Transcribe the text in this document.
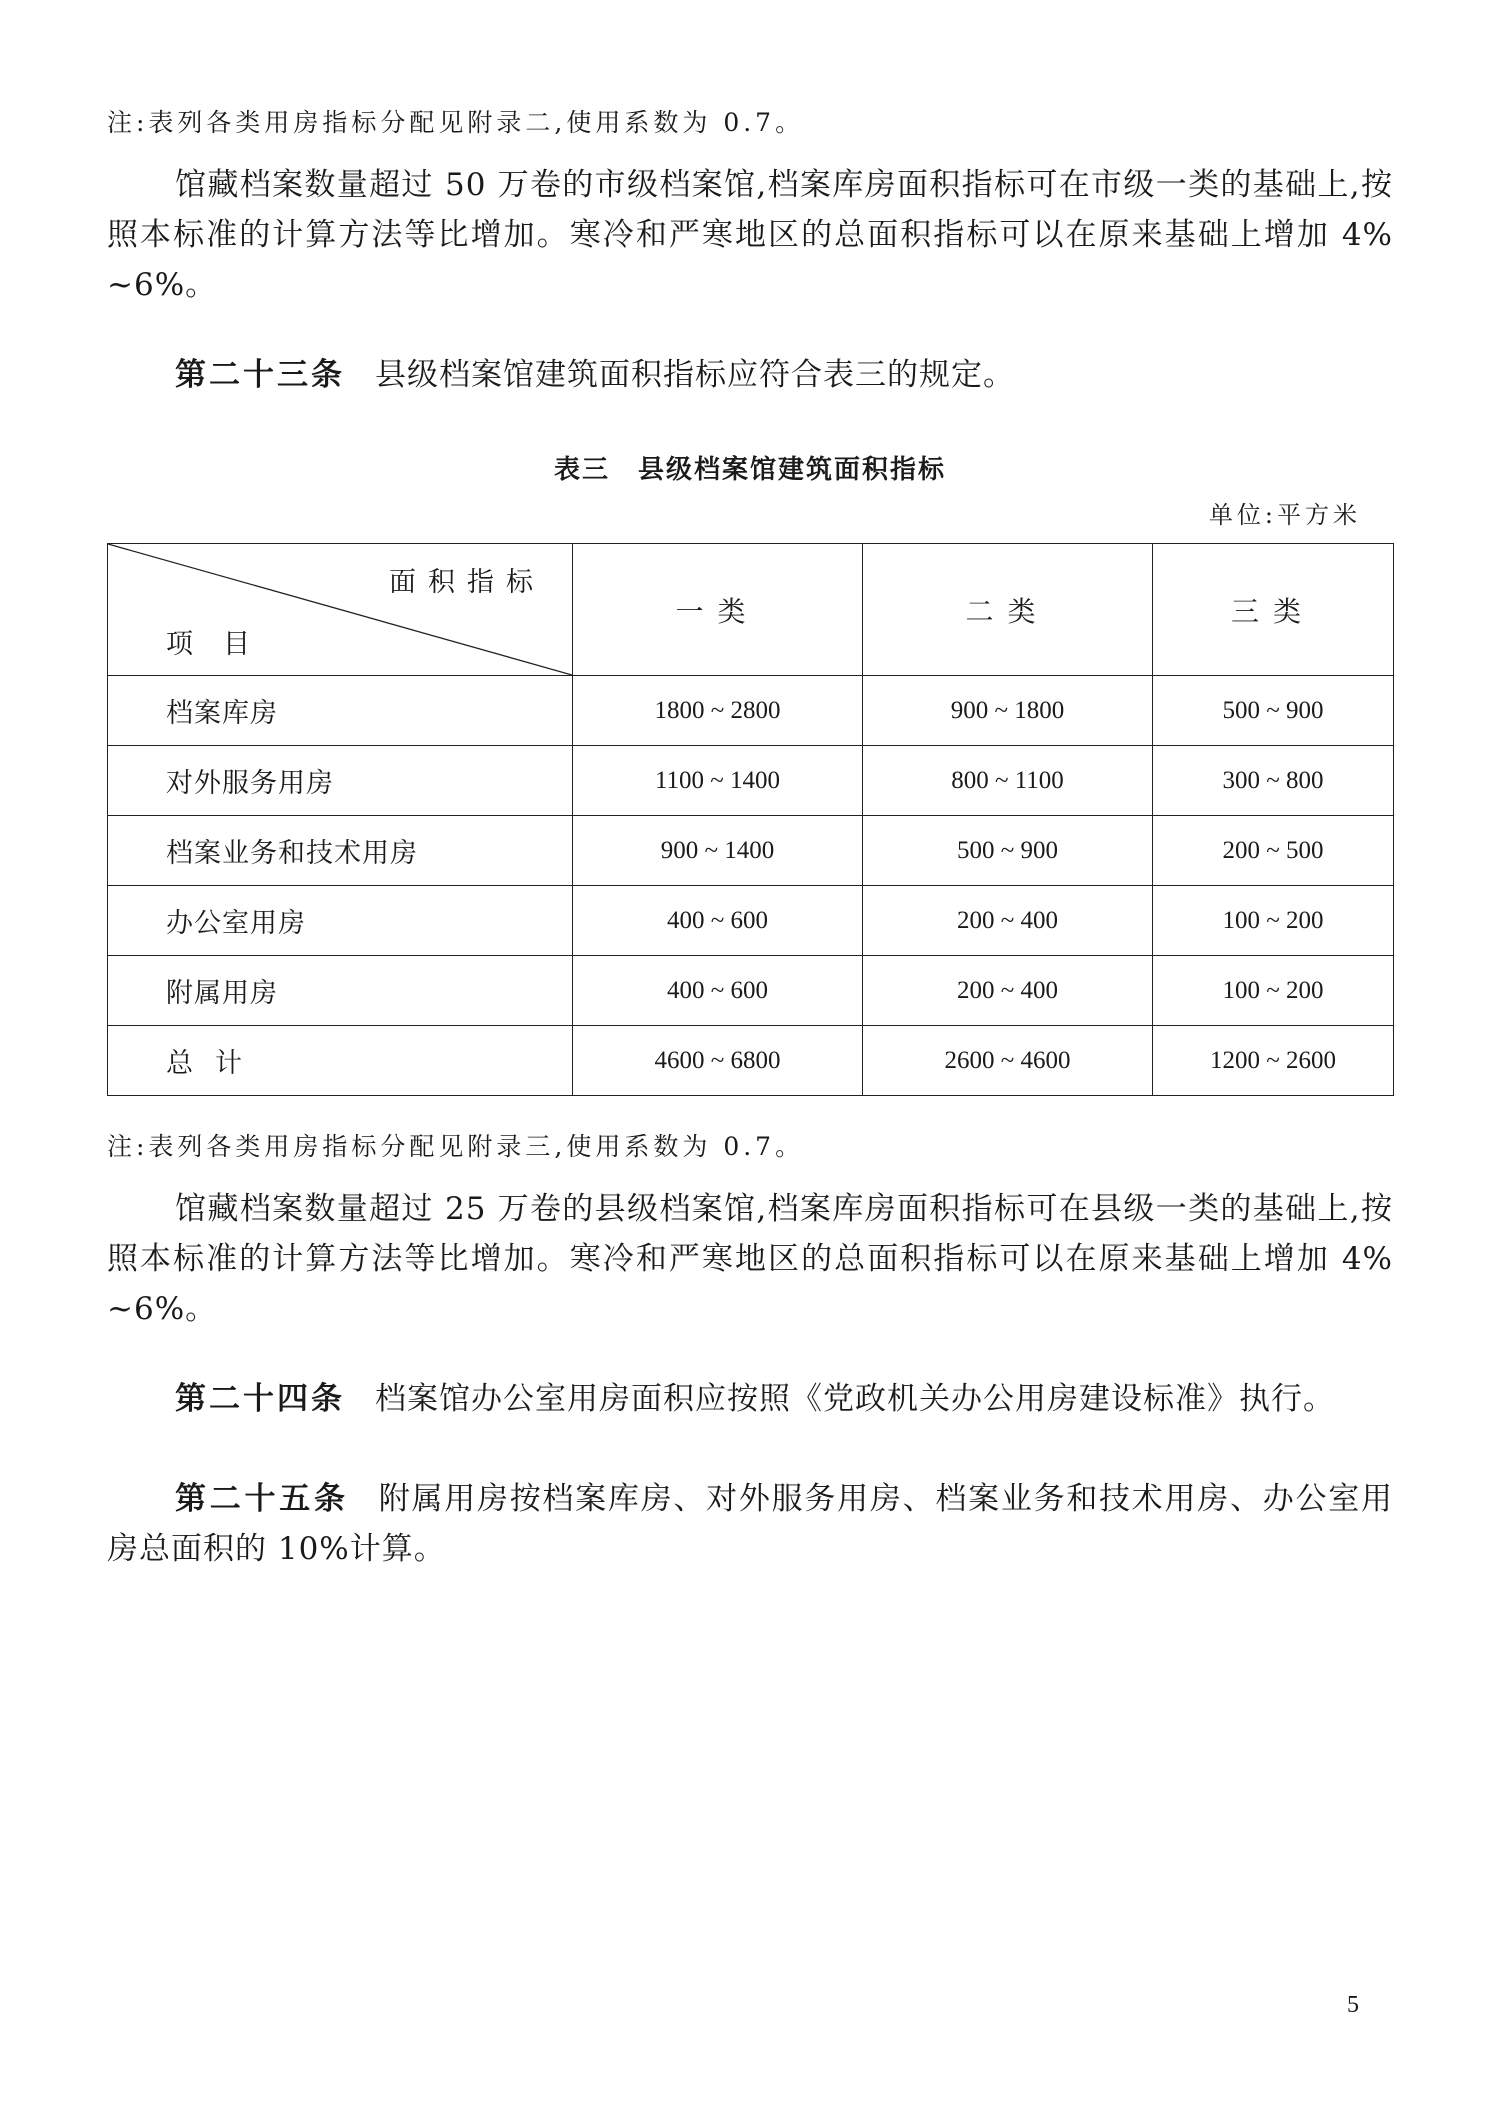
注:表列各类用房指标分配见附录二,使用系数为 0.7。
馆藏档案数量超过 50 万卷的市级档案馆,档案库房面积指标可在市级一类的基础上,按照本标准的计算方法等比增加。寒冷和严寒地区的总面积指标可以在原来基础上增加 4% ~6%。
第二十三条 县级档案馆建筑面积指标应符合表三的规定。
表三　县级档案馆建筑面积指标
单位:平方米
面积指标
项目	一类	二类	三类
档案库房	1800 ~ 2800	900 ~ 1800	500 ~ 900
对外服务用房	1100 ~ 1400	800 ~ 1100	300 ~ 800
档案业务和技术用房	900 ~ 1400	500 ~ 900	200 ~ 500
办公室用房	400 ~ 600	200 ~ 400	100 ~ 200
附属用房	400 ~ 600	200 ~ 400	100 ~ 200
总计	4600 ~ 6800	2600 ~ 4600	1200 ~ 2600
注:表列各类用房指标分配见附录三,使用系数为 0.7。
馆藏档案数量超过 25 万卷的县级档案馆,档案库房面积指标可在县级一类的基础上,按照本标准的计算方法等比增加。寒冷和严寒地区的总面积指标可以在原来基础上增加 4% ~6%。
第二十四条 档案馆办公室用房面积应按照《党政机关办公用房建设标准》执行。
第二十五条 附属用房按档案库房、对外服务用房、档案业务和技术用房、办公室用房总面积的 10%计算。
5
